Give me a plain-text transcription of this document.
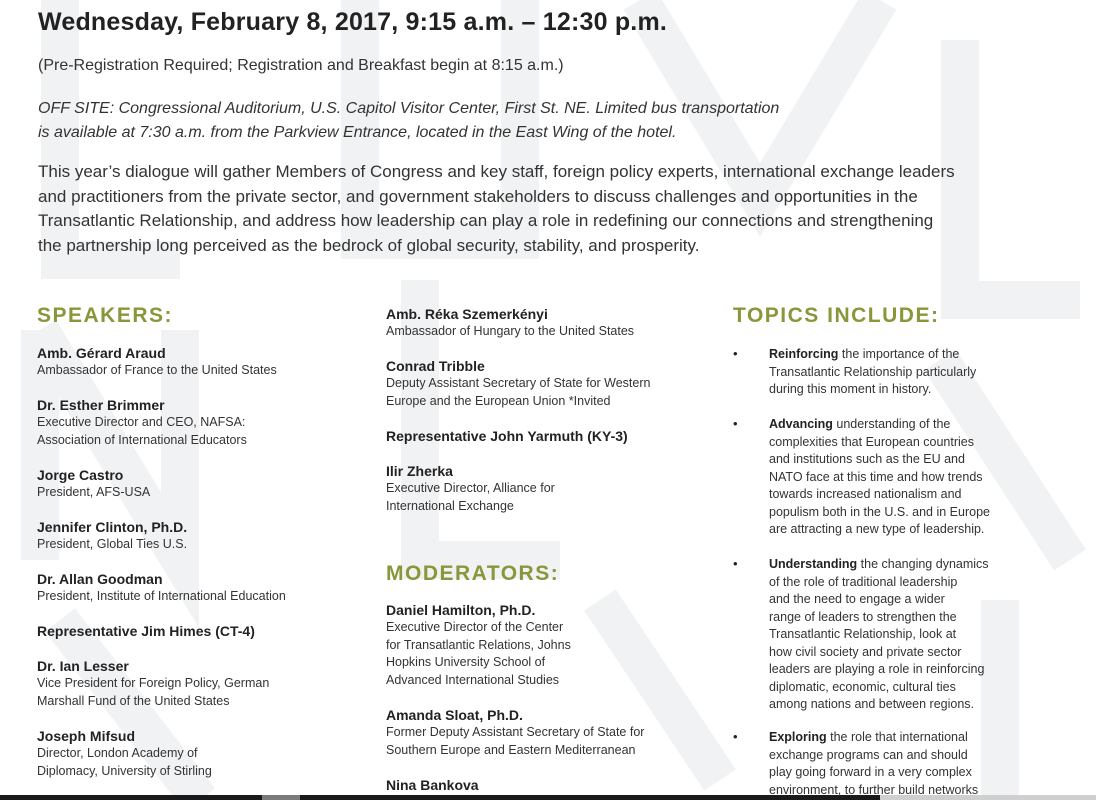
Wednesday, February 8, 2017, 9:15 a.m. – 12:30 p.m.
(Pre-Registration Required; Registration and Breakfast begin at 8:15 a.m.)
OFF SITE: Congressional Auditorium, U.S. Capitol Visitor Center, First St. NE. Limited bus transportation
is available at 7:30 a.m. from the Parkview Entrance, located in the East Wing of the hotel.
This year’s dialogue will gather Members of Congress and key staff, foreign policy experts, international exchange leaders
and practitioners from the private sector, and government stakeholders to discuss challenges and opportunities in the
Transatlantic Relationship, and address how leadership can play a role in redefining our connections and strengthening
the partnership long perceived as the bedrock of global security, stability, and prosperity.
SPEAKERS:
Amb. Gérard Araud
Ambassador of France to the United States
Dr. Esther Brimmer
Executive Director and CEO, NAFSA:
Association of International Educators
Jorge Castro
President, AFS-USA
Jennifer Clinton, Ph.D.
President, Global Ties U.S.
Dr. Allan Goodman
President, Institute of International Education
Representative Jim Himes (CT-4)
Dr. Ian Lesser
Vice President for Foreign Policy, German
Marshall Fund of the United States
Joseph Mifsud
Director, London Academy of
Diplomacy, University of Stirling
Amb. Réka Szemerkényi
Ambassador of Hungary to the United States
Conrad Tribble
Deputy Assistant Secretary of State for Western
Europe and the European Union *Invited
Representative John Yarmuth (KY-3)
Ilir Zherka
Executive Director, Alliance for
International Exchange
MODERATORS:
Daniel Hamilton, Ph.D.
Executive Director of the Center
for Transatlantic Relations, Johns
Hopkins University School of
Advanced International Studies
Amanda Sloat, Ph.D.
Former Deputy Assistant Secretary of State for
Southern Europe and Eastern Mediterranean
Nina Bankova
TOPICS INCLUDE:
•	Reinforcing the importance of the
Transatlantic Relationship particularly
during this moment in history.
•	Advancing understanding of the
complexities that European countries
and institutions such as the EU and
NATO face at this time and how trends
towards increased nationalism and
populism both in the U.S. and in Europe
are attracting a new type of leadership.
•	Understanding the changing dynamics
of the role of traditional leadership
and the need to engage a wider
range of leaders to strengthen the
Transatlantic Relationship, look at
how civil society and private sector
leaders are playing a role in reinforcing
diplomatic, economic, cultural ties
among nations and between regions.
•	Exploring the role that international
exchange programs can and should
play going forward in a very complex
environment, to further build networks
